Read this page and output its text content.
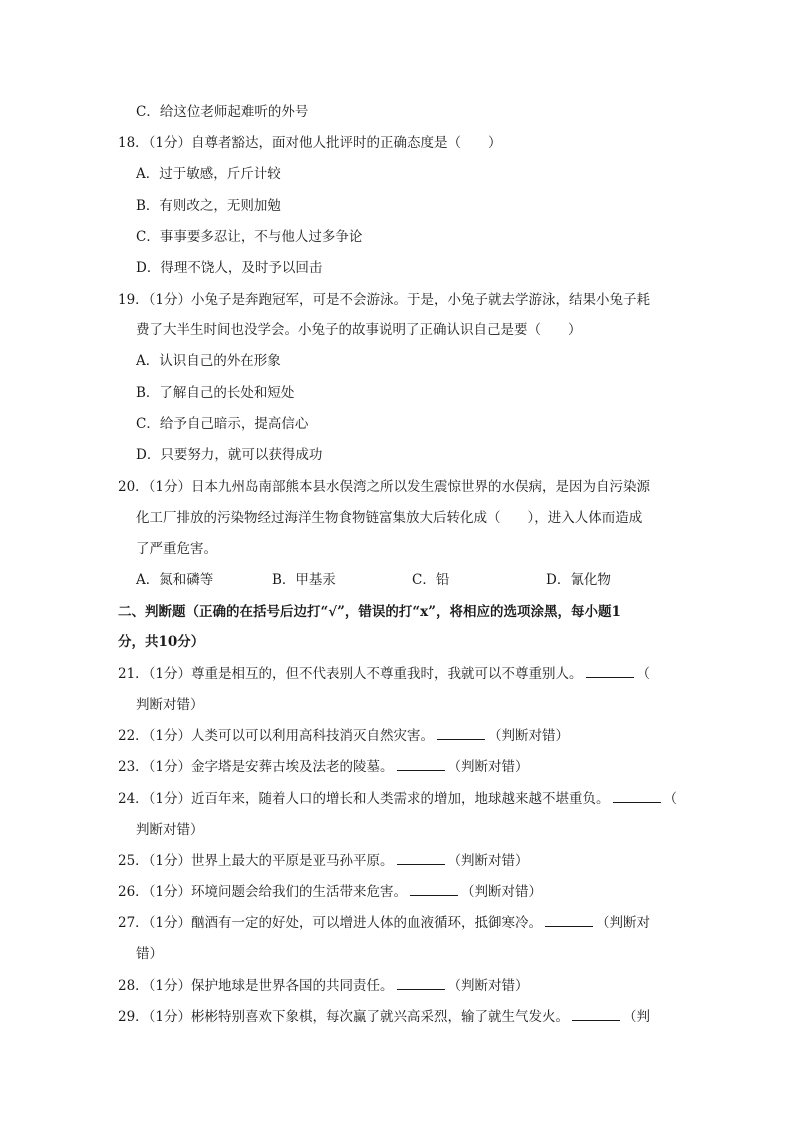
C．给这位老师起难听的外号
18．（1分）自尊者豁达，面对他人批评时的正确态度是（　　）
A．过于敏感，斤斤计较
B．有则改之，无则加勉
C．事事要多忍让，不与他人过多争论
D．得理不饶人，及时予以回击
19．（1分）小兔子是奔跑冠军，可是不会游泳。于是，小兔子就去学游泳，结果小兔子耗
费了大半生时间也没学会。小兔子的故事说明了正确认识自己是要（　　）
A．认识自己的外在形象
B．了解自己的长处和短处
C．给予自己暗示，提高信心
D．只要努力，就可以获得成功
20．（1分）日本九州岛南部熊本县水俣湾之所以发生震惊世界的水俣病，是因为自污染源
化工厂排放的污染物经过海洋生物食物链富集放大后转化成（　　），进入人体而造成
了严重危害。
A．氮和磷等	B．甲基汞	C．铅	D．氰化物
二、判断题（正确的在括号后边打“√”，错误的打“x”，将相应的选项涂黑，每小题1
分，共10分）
21．（1分）尊重是相互的，但不代表别人不尊重我时，我就可以不尊重别人。	（
判断对错）
22．（1分）人类可以可以利用高科技消灭自然灾害。	（判断对错）
23．（1分）金字塔是安葬古埃及法老的陵墓。	（判断对错）
24．（1分）近百年来，随着人口的增长和人类需求的增加，地球越来越不堪重负。	（
判断对错）
25．（1分）世界上最大的平原是亚马孙平原。	（判断对错）
26．（1分）环境问题会给我们的生活带来危害。	（判断对错）
27．（1分）酗酒有一定的好处，可以增进人体的血液循环，抵御寒冷。	（判断对
错）
28．（1分）保护地球是世界各国的共同责任。	（判断对错）
29．（1分）彬彬特别喜欢下象棋，每次赢了就兴高采烈，输了就生气发火。	（判
